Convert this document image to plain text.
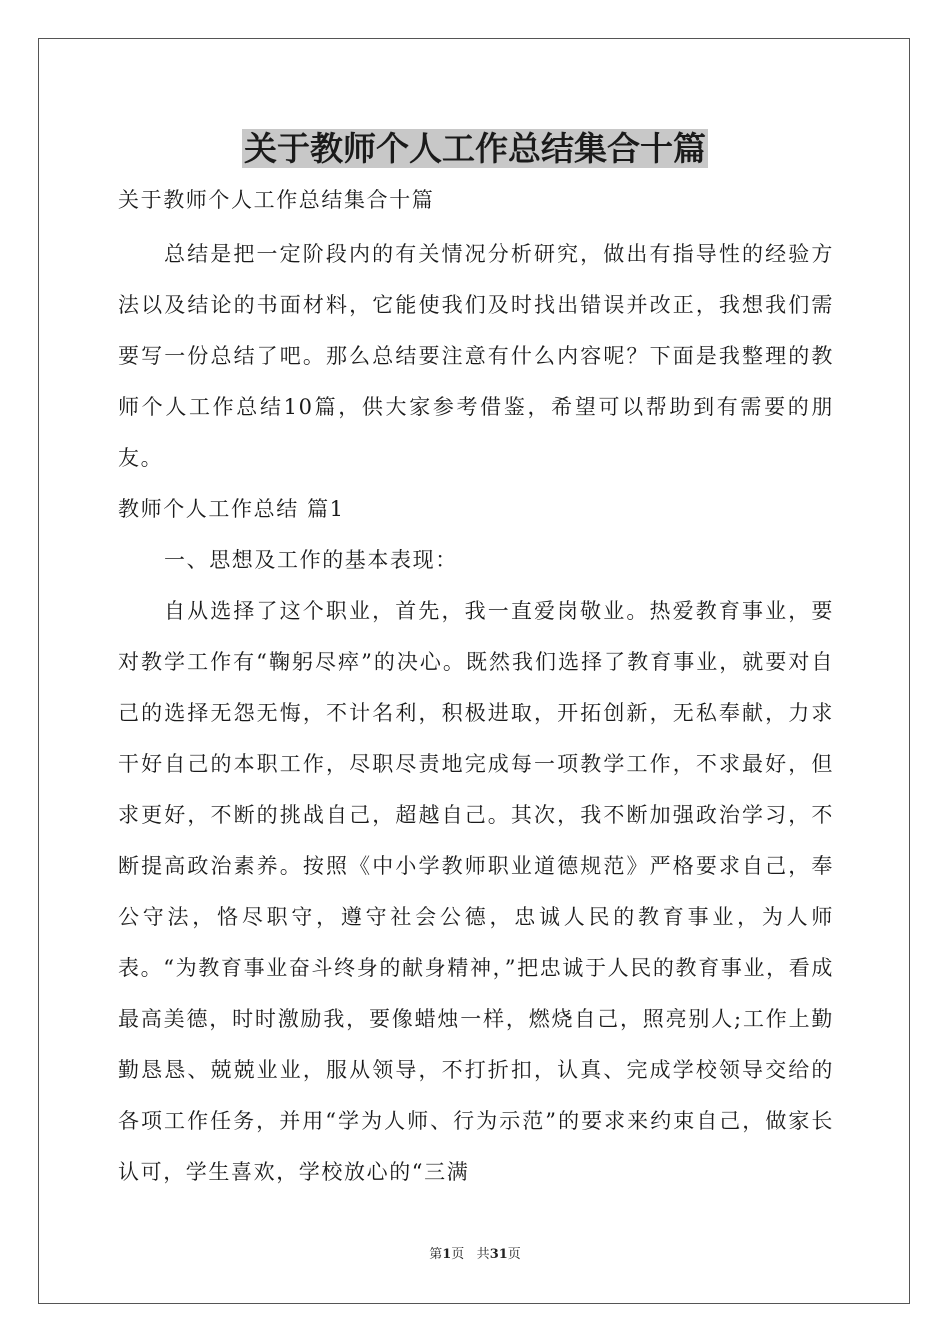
关于教师个人工作总结集合十篇

关于教师个人工作总结集合十篇

总结是把一定阶段内的有关情况分析研究，做出有指导性的经验方法以及结论的书面材料，它能使我们及时找出错误并改正，我想我们需要写一份总结了吧。那么总结要注意有什么内容呢？下面是我整理的教师个人工作总结10篇，供大家参考借鉴，希望可以帮助到有需要的朋友。

教师个人工作总结 篇1

一、思想及工作的基本表现：

自从选择了这个职业，首先，我一直爱岗敬业。热爱教育事业，要对教学工作有“鞠躬尽瘁”的决心。既然我们选择了教育事业，就要对自己的选择无怨无悔，不计名利，积极进取，开拓创新，无私奉献，力求干好自己的本职工作，尽职尽责地完成每一项教学工作，不求最好，但求更好，不断的挑战自己，超越自己。其次，我不断加强政治学习，不断提高政治素养。按照《中小学教师职业道德规范》严格要求自己，奉公守法，恪尽职守，遵守社会公德，忠诚人民的教育事业，为人师表。“为教育事业奋斗终身的献身精神，”把忠诚于人民的教育事业，看成最高美德，时时激励我，要像蜡烛一样，燃烧自己，照亮别人;工作上勤勤恳恳、兢兢业业，服从领导，不打折扣，认真、完成学校领导交给的各项工作任务，并用“学为人师、行为示范”的要求来约束自己，做家长认可，学生喜欢，学校放心的“三满

第1页 共31页
